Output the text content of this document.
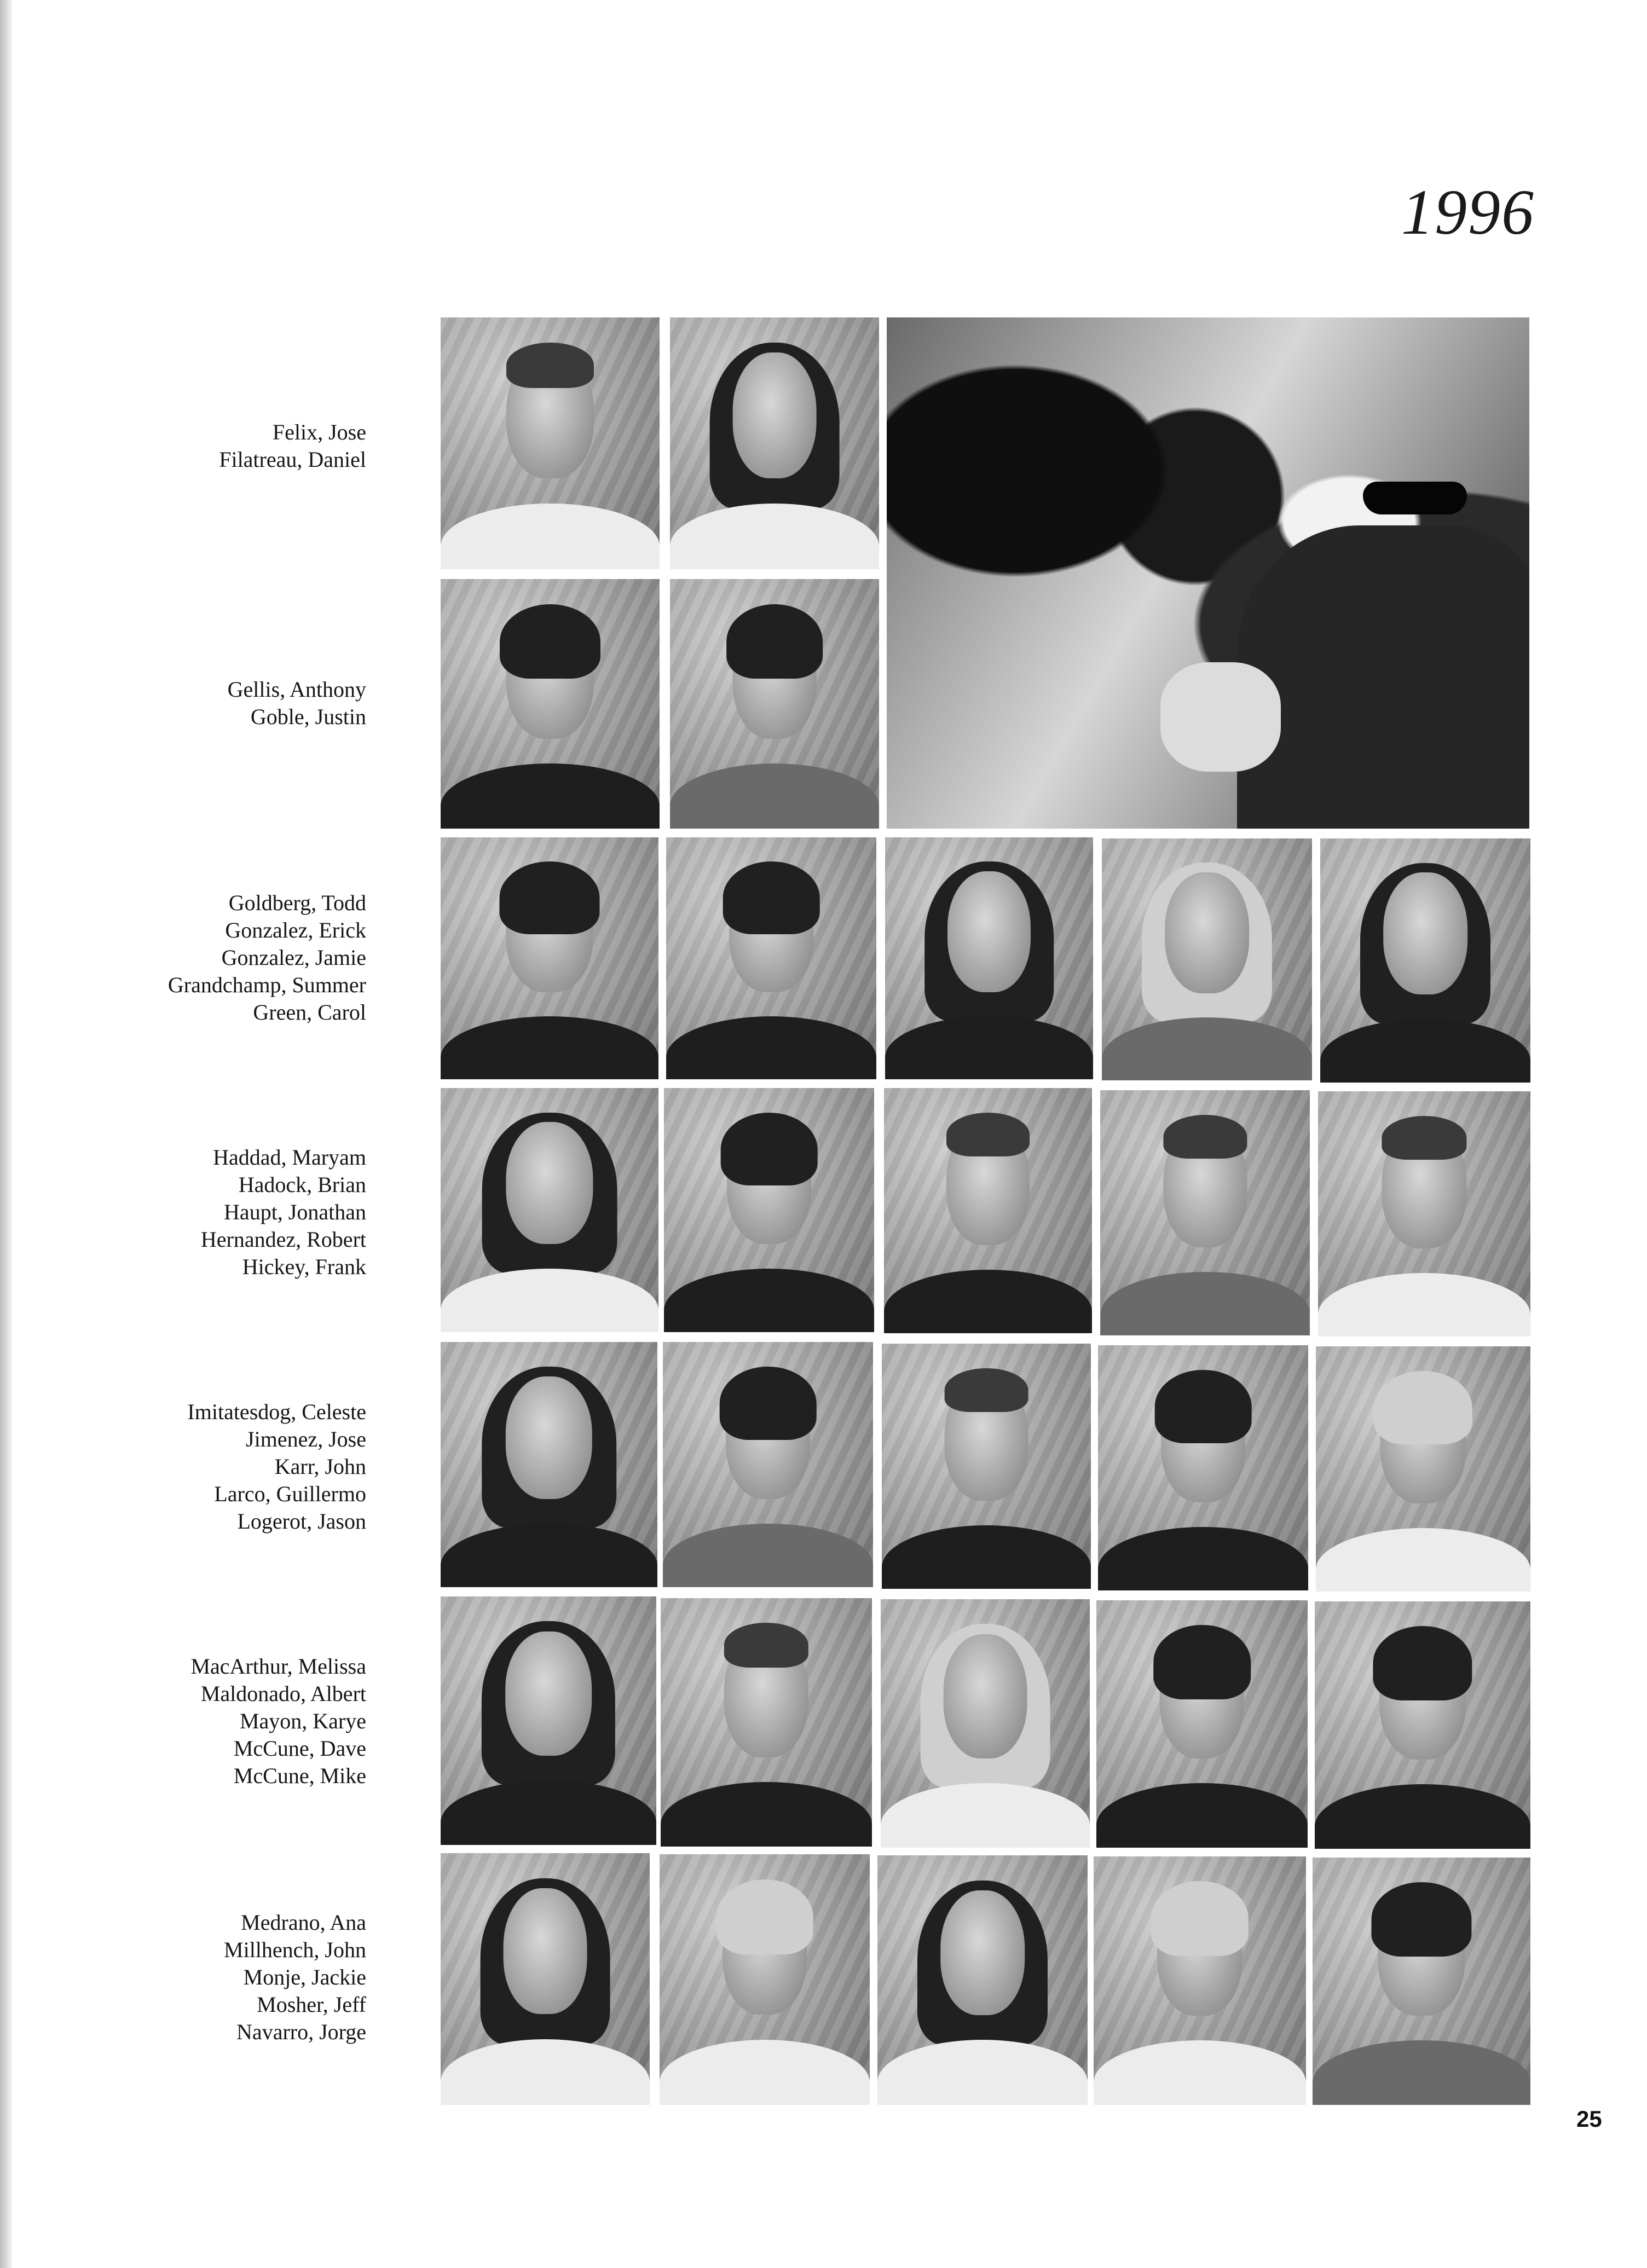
1996
Felix, Jose
Filatreau, Daniel
Gellis, Anthony
Goble, Justin
Goldberg, Todd
Gonzalez, Erick
Gonzalez, Jamie
Grandchamp, Summer
Green, Carol
Haddad, Maryam
Hadock, Brian
Haupt, Jonathan
Hernandez, Robert
Hickey, Frank
Imitatesdog, Celeste
Jimenez, Jose
Karr, John
Larco, Guillermo
Logerot, Jason
MacArthur, Melissa
Maldonado, Albert
Mayon, Karye
McCune, Dave
McCune, Mike
Medrano, Ana
Millhench, John
Monje, Jackie
Mosher, Jeff
Navarro, Jorge
25
